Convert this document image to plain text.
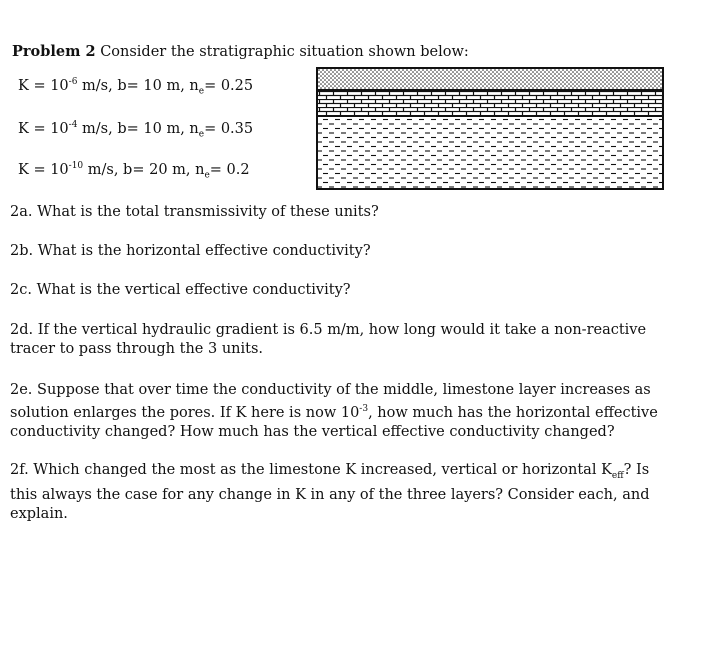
Problem 2 Consider the stratigraphic situation shown below:
$K = 10^{-6}$ m/s, b= 10 m, $n_e= 0.25$
$K = 10^{-4}$ m/s, b= 10 m, $n_e= 0.35$
$K = 10^{-10}$ m/s, b= 20 m, $n_e= 0.2$
2a. What is the total transmissivity of these units?
2b. What is the horizontal effective conductivity?
2c. What is the vertical effective conductivity?
2d. If the vertical hydraulic gradient is 6.5 m/m, how long would it take a non-reactive tracer to pass through the 3 units.
2e. Suppose that over time the conductivity of the middle, limestone layer increases as solution enlarges the pores. If K here is now $10^{-3}$, how much has the horizontal effective conductivity changed? How much has the vertical effective conductivity changed?
2f. Which changed the most as the limestone K increased, vertical or horizontal $K_{eff}$? Is this always the case for any change in K in any of the three layers? Consider each, and explain.
